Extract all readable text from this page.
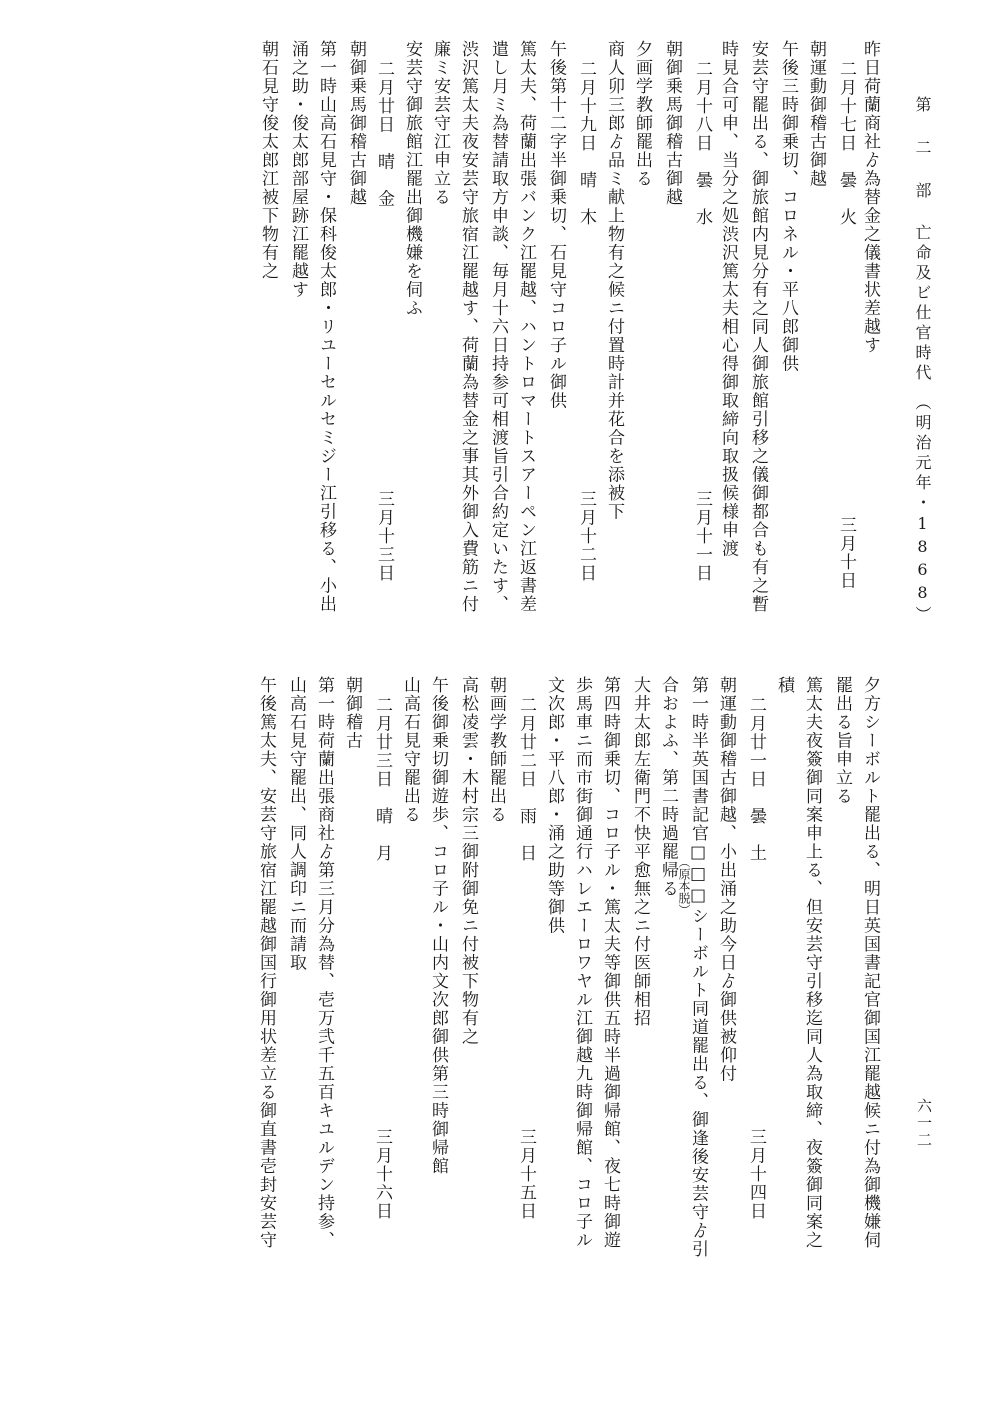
第 二 部亡命及ビ仕官時代（明治元年・1868）
六一二
昨日荷蘭商社ゟ為替金之儀書状差越す
二月十七日　曇　火
三月十日
朝運動御稽古御越
午後三時御乗切、コロネル・平八郎御供
安芸守罷出る、御旅館内見分有之同人御旅館引移之儀御都合も有之暫
時見合可申、当分之処渋沢篤太夫相心得御取締向取扱候様申渡
二月十八日　曇　水
三月十一日
朝御乗馬御稽古御越
夕画学教師罷出る
商人卯三郎ゟ品ミ献上物有之候ニ付置時計并花合を添被下
二月十九日　晴　木
三月十二日
午後第十二字半御乗切、石見守コロ子ル御供
篤太夫、荷蘭出張バンク江罷越、ハントロマートスアーペン江返書差
遣し月ミ為替請取方申談、毎月十六日持参可相渡旨引合約定いたす、
渋沢篤太夫夜安芸守旅宿江罷越す、荷蘭為替金之事其外御入費筋ニ付
廉ミ安芸守江申立る
安芸守御旅館江罷出御機嫌を伺ふ
二月廿日　晴　金
三月十三日
朝御乗馬御稽古御越
第一時山高石見守・保科俊太郎・リユーセルセミジー江引移る、小出
涌之助・俊太郎部屋跡江罷越す
朝石見守俊太郎江被下物有之
夕方シーボルト罷出る、明日英国書記官御国江罷越候ニ付為御機嫌伺
罷出る旨申立る
篤太夫夜簽御同案申上る、但安芸守引移迄同人為取締、夜簽御同案之
積
二月廿一日　曇　土
三月十四日
朝運動御稽古御越、小出涌之助今日ゟ御供被仰付
第一時半英国書記官□□□シーボルト同道罷出る、御逢後安芸守ゟ引
（原本脱）
合およふ、第二時過罷帰る
大井太郎左衛門不快平愈無之ニ付医師相招
第四時御乗切、コロ子ル・篤太夫等御供五時半過御帰館、夜七時御遊
歩馬車ニ而市街御通行ハレエーロワヤル江御越九時御帰館、コロ子ル
文次郎・平八郎・涌之助等御供
二月廿二日　雨　日
三月十五日
朝画学教師罷出る
高松凌雲・木村宗三御附御免ニ付被下物有之
午後御乗切御遊歩、コロ子ル・山内文次郎御供第三時御帰館
山高石見守罷出る
二月廿三日　晴　月
三月十六日
朝御稽古
第一時荷蘭出張商社ゟ第三月分為替、壱万弐千五百キユルデン持参、
山高石見守罷出、同人調印ニ而請取
午後篤太夫、安芸守旅宿江罷越御国行御用状差立る御直書壱封安芸守
